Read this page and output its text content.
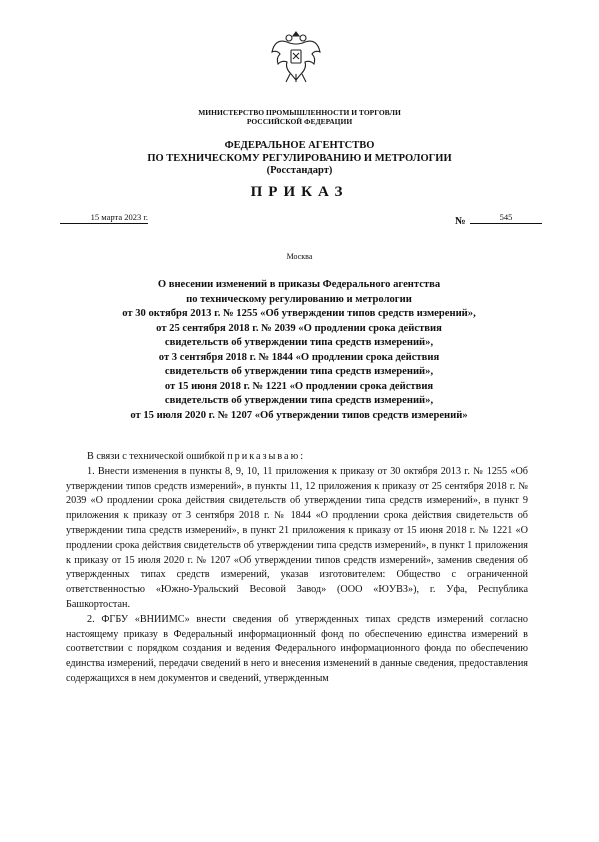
МИНИСТЕРСТВО ПРОМЫШЛЕННОСТИ И ТОРГОВЛИ
РОССИЙСКОЙ ФЕДЕРАЦИИ
ФЕДЕРАЛЬНОЕ АГЕНТСТВО
ПО ТЕХНИЧЕСКОМУ РЕГУЛИРОВАНИЮ И МЕТРОЛОГИИ
(Росстандарт)
ПРИКАЗ
15 марта 2023 г.	№	545
Москва
О внесении изменений в приказы Федерального агентства
по техническому регулированию и метрологии
от 30 октября 2013 г. № 1255 «Об утверждении типов средств измерений»,
от 25 сентября 2018 г. № 2039 «О продлении срока действия
свидетельств об утверждении типа средств измерений»,
от 3 сентября 2018 г. № 1844 «О продлении срока действия
свидетельств об утверждении типа средств измерений»,
от 15 июня 2018 г. № 1221 «О продлении срока действия
свидетельств об утверждении типа средств измерений»,
от 15 июля 2020 г. № 1207 «Об утверждении типов средств измерений»

В связи с технической ошибкой приказываю:

1. Внести изменения в пункты 8, 9, 10, 11 приложения к приказу от 30 октября 2013 г. № 1255 «Об утверждении типов средств измерений», в пункты 11, 12 приложения к приказу от 25 сентября 2018 г. № 2039 «О продлении срока действия свидетельств об утверждении типа средств измерений», в пункт 9 приложения к приказу от 3 сентября 2018 г. № 1844 «О продлении срока действия свидетельств об утверждении типа средств измерений», в пункт 21 приложения к приказу от 15 июня 2018 г. № 1221 «О продлении срока действия свидетельств об утверждении типа средств измерений», в пункт 1 приложения к приказу от 15 июля 2020 г. № 1207 «Об утверждении типов средств измерений», заменив сведения об утвержденных типах средств измерений, указав изготовителем: Общество с ограниченной ответственностью «Южно-Уральский Весовой Завод» (ООО «ЮУВЗ»), г. Уфа, Республика Башкортостан.

2. ФГБУ «ВНИИМС» внести сведения об утвержденных типах средств измерений согласно настоящему приказу в Федеральный информационный фонд по обеспечению единства измерений в соответствии с порядком создания и ведения Федерального информационного фонда по обеспечению единства измерений, передачи сведений в него и внесения изменений в данные сведения, предоставления содержащихся в нем документов и сведений, утвержденным
